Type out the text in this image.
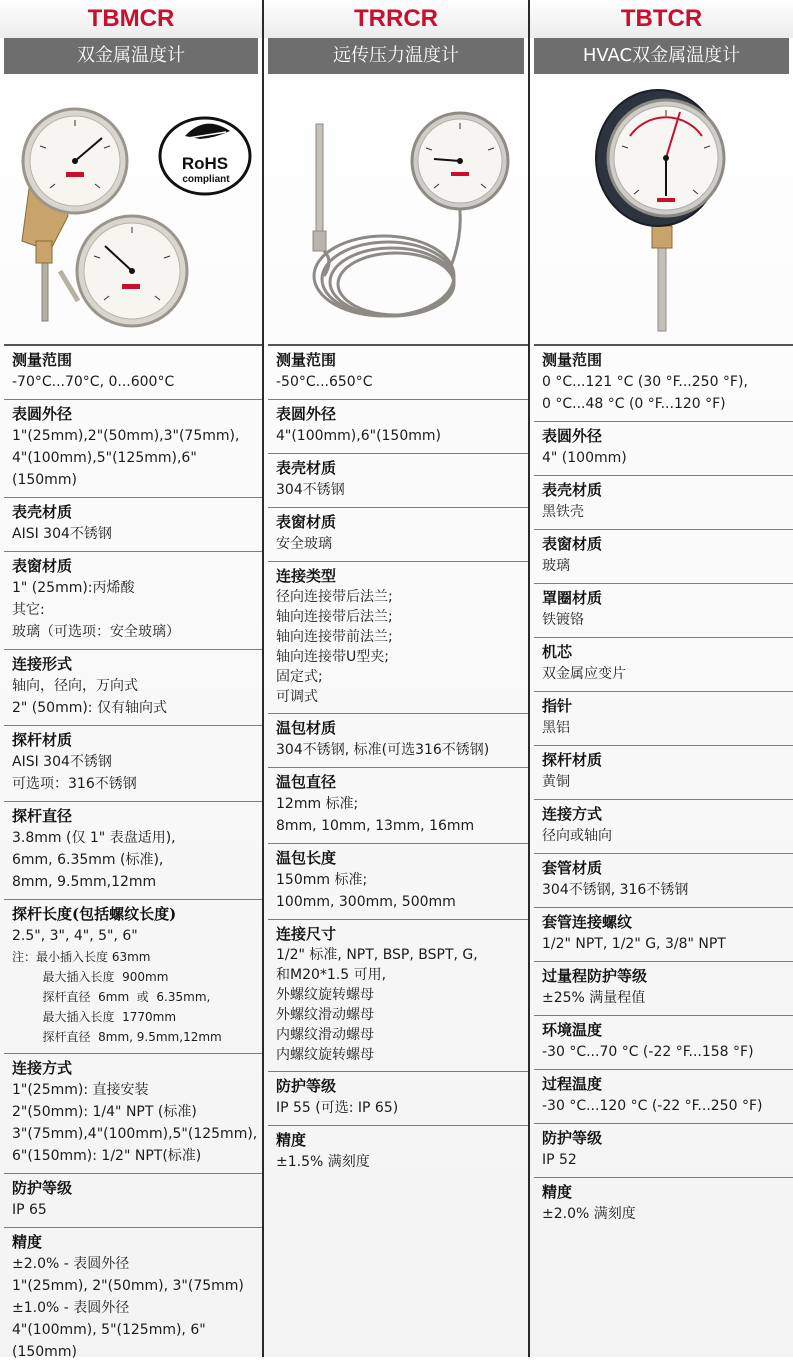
TBMCR
双金属温度计
RoHS
compliant
测量范围
-70°C...70°C, 0...600°C
表圆外径
1"(25mm),2"(50mm),3"(75mm),
4"(100mm),5"(125mm),6"(150mm)
表壳材质
AISI 304不锈钢
表窗材质
1" (25mm):丙烯酸
其它:
玻璃（可选项：安全玻璃）
连接形式
轴向，径向，万向式
2" (50mm): 仅有轴向式
探杆材质
AISI 304不锈钢
可选项：316不锈钢
探杆直径
3.8mm (仅 1" 表盘适用),
6mm, 6.35mm (标准),
8mm, 9.5mm,12mm
探杆长度(包括螺纹长度)
2.5", 3", 4", 5", 6"
注：最小插入长度 63mm
最大插入长度  900mm
探杆直径  6mm  或  6.35mm,
最大插入长度  1770mm
探杆直径  8mm, 9.5mm,12mm
连接方式
1"(25mm): 直接安装
2"(50mm): 1/4" NPT (标准)
3"(75mm),4"(100mm),5"(125mm),
6"(150mm): 1/2" NPT(标准)
防护等级
IP 65
精度
±2.0% - 表圆外径
1"(25mm), 2"(50mm), 3"(75mm)
±1.0% - 表圆外径
4"(100mm), 5"(125mm), 6"(150mm)
TRRCR
远传压力温度计
测量范围
-50°C...650°C
表圆外径
4"(100mm),6"(150mm)
表壳材质
304不锈钢
表窗材质
安全玻璃
连接类型
径向连接带后法兰;
轴向连接带后法兰;
轴向连接带前法兰;
轴向连接带U型夹;
固定式;
可调式
温包材质
304不锈钢, 标准(可选316不锈钢)
温包直径
12mm 标准;
8mm, 10mm, 13mm, 16mm
温包长度
150mm 标准;
100mm, 300mm, 500mm
连接尺寸
1/2" 标准, NPT, BSP, BSPT, G,
和M20*1.5 可用,
外螺纹旋转螺母
外螺纹滑动螺母
内螺纹滑动螺母
内螺纹旋转螺母
防护等级
IP 55 (可选: IP 65)
精度
±1.5% 满刻度
TBTCR
HVAC双金属温度计
测量范围
0 °C...121 °C (30 °F...250 °F),
0 °C...48 °C (0 °F...120 °F)
表圆外径
4" (100mm)
表壳材质
黑铁壳
表窗材质
玻璃
罩圈材质
铁镀铬
机芯
双金属应变片
指针
黑铝
探杆材质
黄铜
连接方式
径向或轴向
套管材质
304不锈钢, 316不锈钢
套管连接螺纹
1/2" NPT, 1/2" G, 3/8" NPT
过量程防护等级
±25% 满量程值
环境温度
-30 °C...70 °C (-22 °F...158 °F)
过程温度
-30 °C...120 °C (-22 °F...250 °F)
防护等级
IP 52
精度
±2.0% 满刻度
